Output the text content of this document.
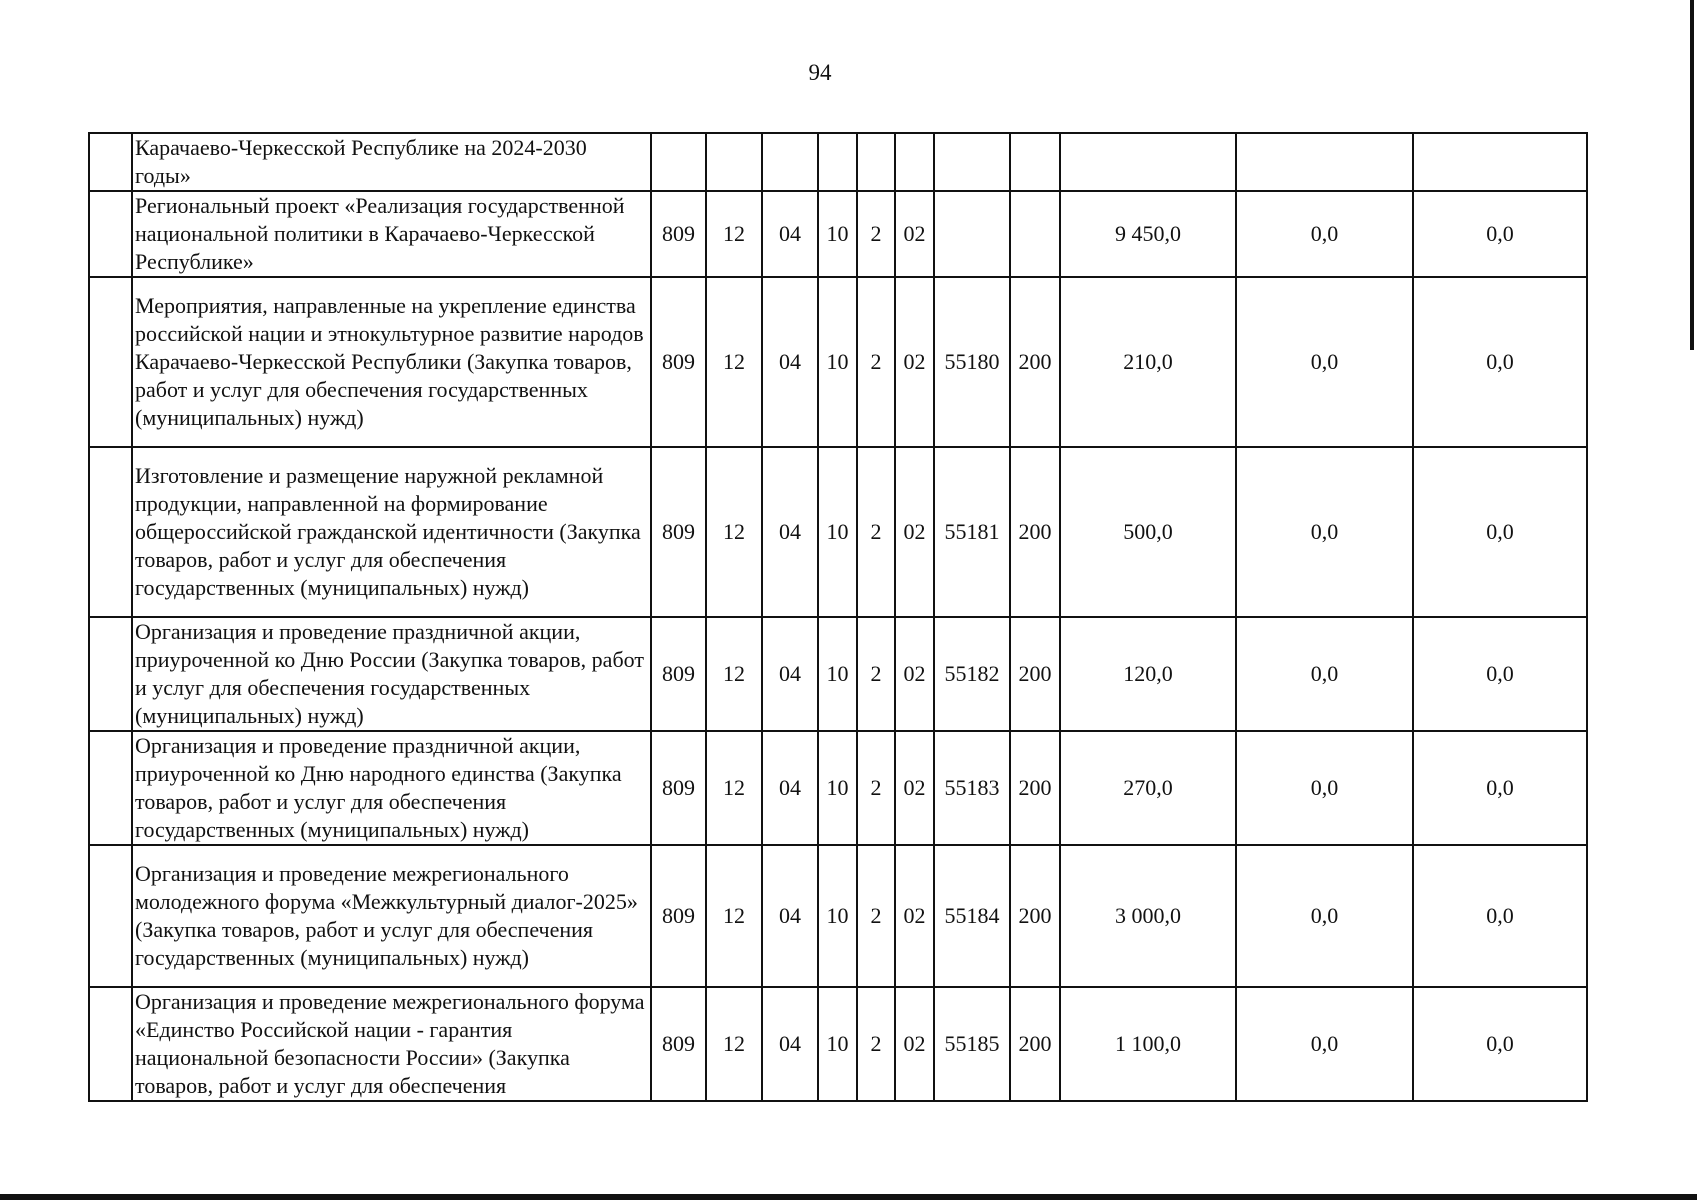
94
	Карачаево-Черкесской Республике на 2024-2030 годы»											
	Региональный проект «Реализация государственной национальной политики в Карачаево-Черкесской Республике»	809	12	04	10	2	02			9 450,0	0,0	0,0
	Мероприятия, направленные на укрепление единства российской нации и этнокультурное развитие народов Карачаево-Черкесской Республики (Закупка товаров, работ и услуг для обеспечения государственных (муниципальных) нужд)	809	12	04	10	2	02	55180	200	210,0	0,0	0,0
	Изготовление и размещение наружной рекламной продукции, направленной на формирование общероссийской гражданской идентичности (Закупка товаров, работ и услуг для обеспечения государственных (муниципальных) нужд)	809	12	04	10	2	02	55181	200	500,0	0,0	0,0
	Организация и проведение праздничной акции, приуроченной ко Дню России (Закупка товаров, работ и услуг для обеспечения государственных (муниципальных) нужд)	809	12	04	10	2	02	55182	200	120,0	0,0	0,0
	Организация и проведение праздничной акции, приуроченной ко Дню народного единства (Закупка товаров, работ и услуг для обеспечения государственных (муниципальных) нужд)	809	12	04	10	2	02	55183	200	270,0	0,0	0,0
	Организация и проведение межрегионального молодежного форума «Межкультурный диалог-2025» (Закупка товаров, работ и услуг для обеспечения государственных (муниципальных) нужд)	809	12	04	10	2	02	55184	200	3 000,0	0,0	0,0
	Организация и проведение межрегионального форума «Единство Российской нации - гарантия национальной безопасности России» (Закупка товаров, работ и услуг для обеспечения	809	12	04	10	2	02	55185	200	1 100,0	0,0	0,0
